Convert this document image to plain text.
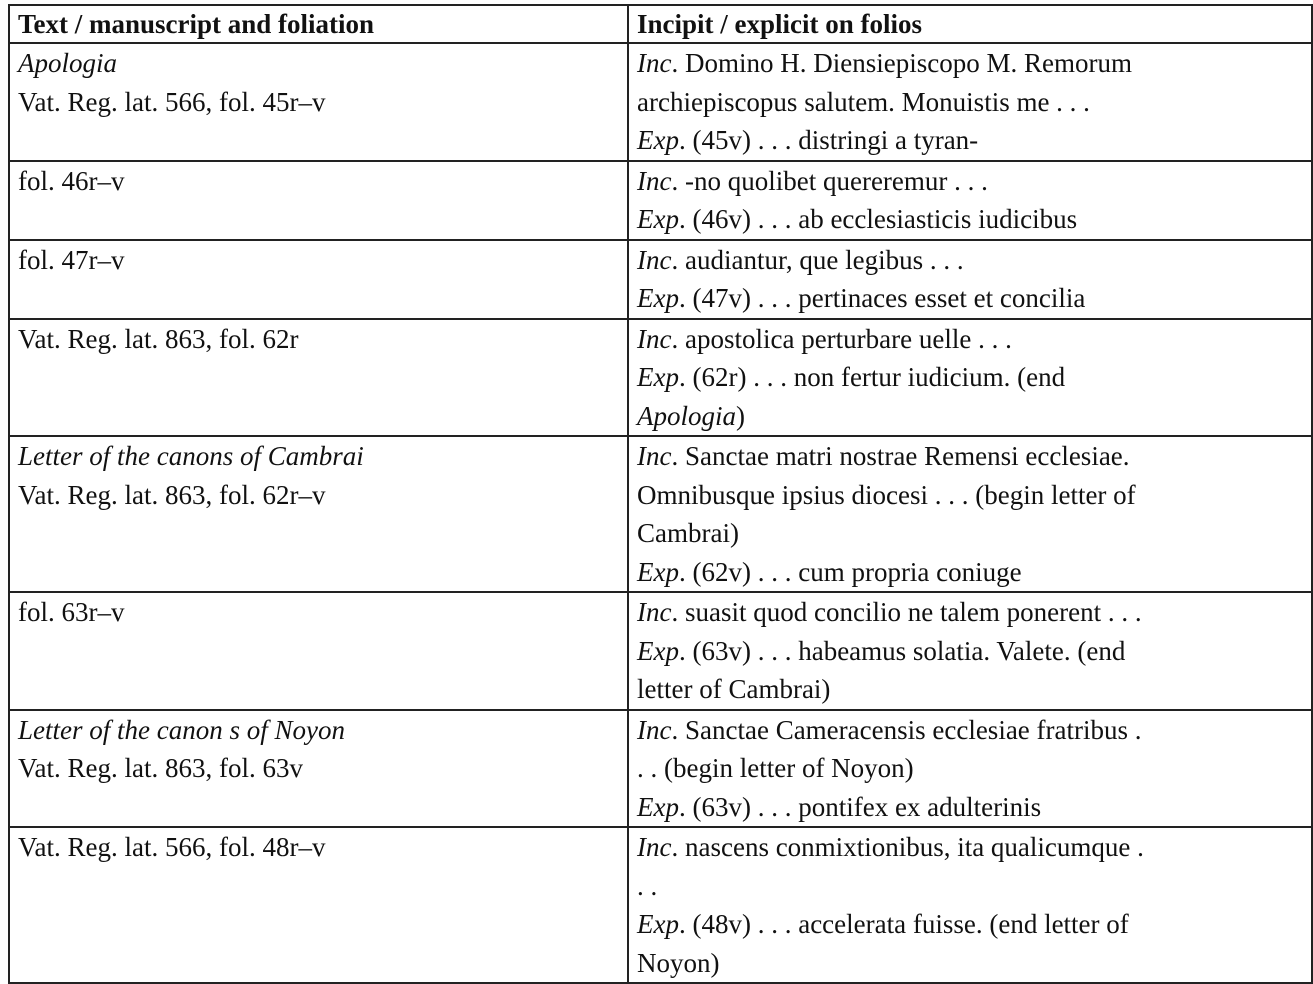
Text / manuscript and foliation	Incipit / explicit on folios

Apologia
Vat. Reg. lat. 566, fol. 45r–v	Inc. Domino H. Diensiepiscopo M. Remorum
archiepiscopus salutem. Monuistis me . . .
Exp. (45v) . . . distringi a tyran-

fol. 46r–v	Inc. -no quolibet quereremur . . .
Exp. (46v) . . . ab ecclesiasticis iudicibus

fol. 47r–v	Inc. audiantur, que legibus . . .
Exp. (47v) . . . pertinaces esset et concilia

Vat. Reg. lat. 863, fol. 62r	Inc. apostolica perturbare uelle . . .
Exp. (62r) . . . non fertur iudicium. (end
Apologia)

Letter of the canons of Cambrai
Vat. Reg. lat. 863, fol. 62r–v	Inc. Sanctae matri nostrae Remensi ecclesiae.
Omnibusque ipsius diocesi . . . (begin letter of
Cambrai)
Exp. (62v) . . . cum propria coniuge

fol. 63r–v	Inc. suasit quod concilio ne talem ponerent . . .
Exp. (63v) . . . habeamus solatia. Valete. (end
letter of Cambrai)

Letter of the canon s of Noyon
Vat. Reg. lat. 863, fol. 63v	Inc. Sanctae Cameracensis ecclesiae fratribus .
. . (begin letter of Noyon)
Exp. (63v) . . . pontifex ex adulterinis

Vat. Reg. lat. 566, fol. 48r–v	Inc. nascens conmixtionibus, ita qualicumque .
. .
Exp. (48v) . . . accelerata fuisse. (end letter of
Noyon)
